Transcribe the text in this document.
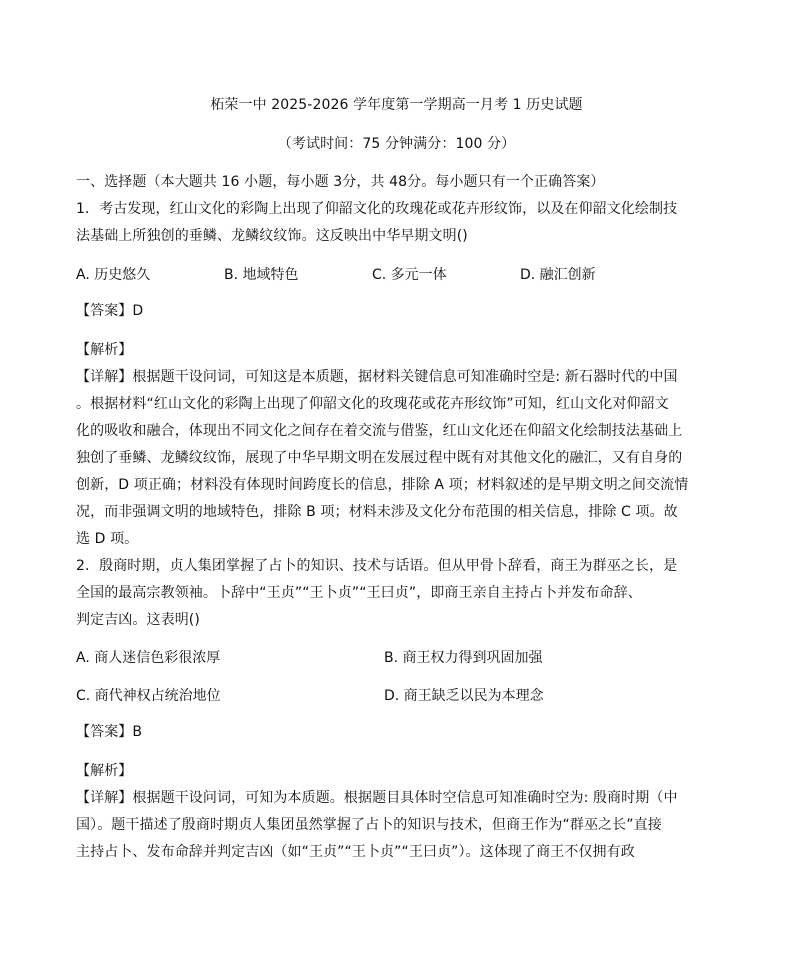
柘荣一中 2025-2026 学年度第一学期高一月考 1 历史试题
（考试时间：75 分钟满分：100 分）
一、选择题（本大题共 16 小题，每小题 3分，共 48分。每小题只有一个正确答案）
1．考古发现，红山文化的彩陶上出现了仰韶文化的玫瑰花或花卉形纹饰，以及在仰韶文化绘制技
法基础上所独创的垂鳞、龙鳞纹纹饰。这反映出中华早期文明()
A. 历史悠久	B. 地域特色	C. 多元一体	D. 融汇创新
【答案】D
【解析】
【详解】根据题干设问词，可知这是本质题，据材料关键信息可知准确时空是: 新石器时代的中国
。根据材料“红山文化的彩陶上出现了仰韶文化的玫瑰花或花卉形纹饰”可知，红山文化对仰韶文
化的吸收和融合，体现出不同文化之间存在着交流与借鉴，红山文化还在仰韶文化绘制技法基础上
独创了垂鳞、龙鳞纹纹饰，展现了中华早期文明在发展过程中既有对其他文化的融汇，又有自身的
创新，D 项正确；材料没有体现时间跨度长的信息，排除 A 项；材料叙述的是早期文明之间交流情
况，而非强调文明的地域特色，排除 B 项；材料未涉及文化分布范围的相关信息，排除 C 项。故
选 D 项。
2．殷商时期，贞人集团掌握了占卜的知识、技术与话语。但从甲骨卜辞看，商王为群巫之长，是
全国的最高宗教领袖。卜辞中“王贞”“王卜贞”“王曰贞”，即商王亲自主持占卜并发布命辞、
判定吉凶。这表明()
A. 商人迷信色彩很浓厚	B. 商王权力得到巩固加强
C. 商代神权占统治地位	D. 商王缺乏以民为本理念
【答案】B
【解析】
【详解】根据题干设问词，可知为本质题。根据题目具体时空信息可知准确时空为: 殷商时期（中
国）。题干描述了殷商时期贞人集团虽然掌握了占卜的知识与技术，但商王作为“群巫之长”直接
主持占卜、发布命辞并判定吉凶（如“王贞”“王卜贞”“王曰贞”）。这体现了商王不仅拥有政
